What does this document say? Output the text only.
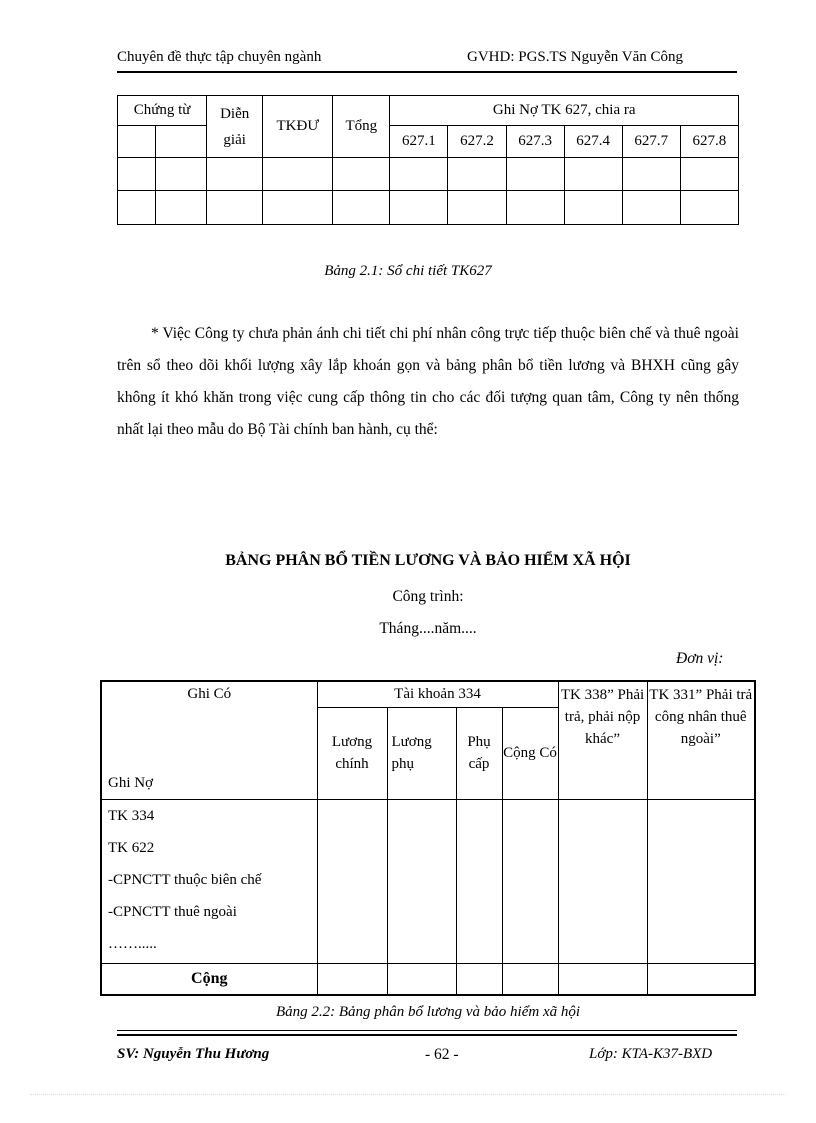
Chuyên đề thực tập chuyên ngành	GVHD: PGS.TS Nguyễn Văn Công
Chứng từ		Diễn giải	TKĐƯ	Tổng	Ghi Nợ TK 627, chia ra					
					627.1	627.2	627.3	627.4	627.7	627.8

Bảng 2.1: Sổ chi tiết TK627

* Việc Công ty chưa phản ánh chi tiết chi phí nhân công trực tiếp thuộc biên chế và thuê ngoài trên sổ theo dõi khối lượng xây lắp khoán gọn và bảng phân bổ tiền lương và BHXH cũng gây không ít khó khăn trong việc cung cấp thông tin cho các đối tượng quan tâm, Công ty nên thống nhất lại theo mẫu do Bộ Tài chính ban hành, cụ thể:

BẢNG PHÂN BỔ TIỀN LƯƠNG VÀ BẢO HIỂM XÃ HỘI
Công trình:
Tháng....năm....
Đơn vị:
Ghi Có
Ghi Nợ	Tài khoản 334				TK 338” Phải trả, phải nộp khác”	TK 331” Phải trả công nhân thuê ngoài”
	Lương chính	Lương phụ	Phụ cấp	Cộng Có		

TK 334
TK 622
-CPNCTT thuộc biên chế
-CPNCTT thuê ngoài
…….....						

Cộng						
Bảng 2.2: Bảng phân bổ lương và bảo hiểm xã hội
SV: Nguyễn Thu Hương	- 62 -	Lớp: KTA-K37-BXD
